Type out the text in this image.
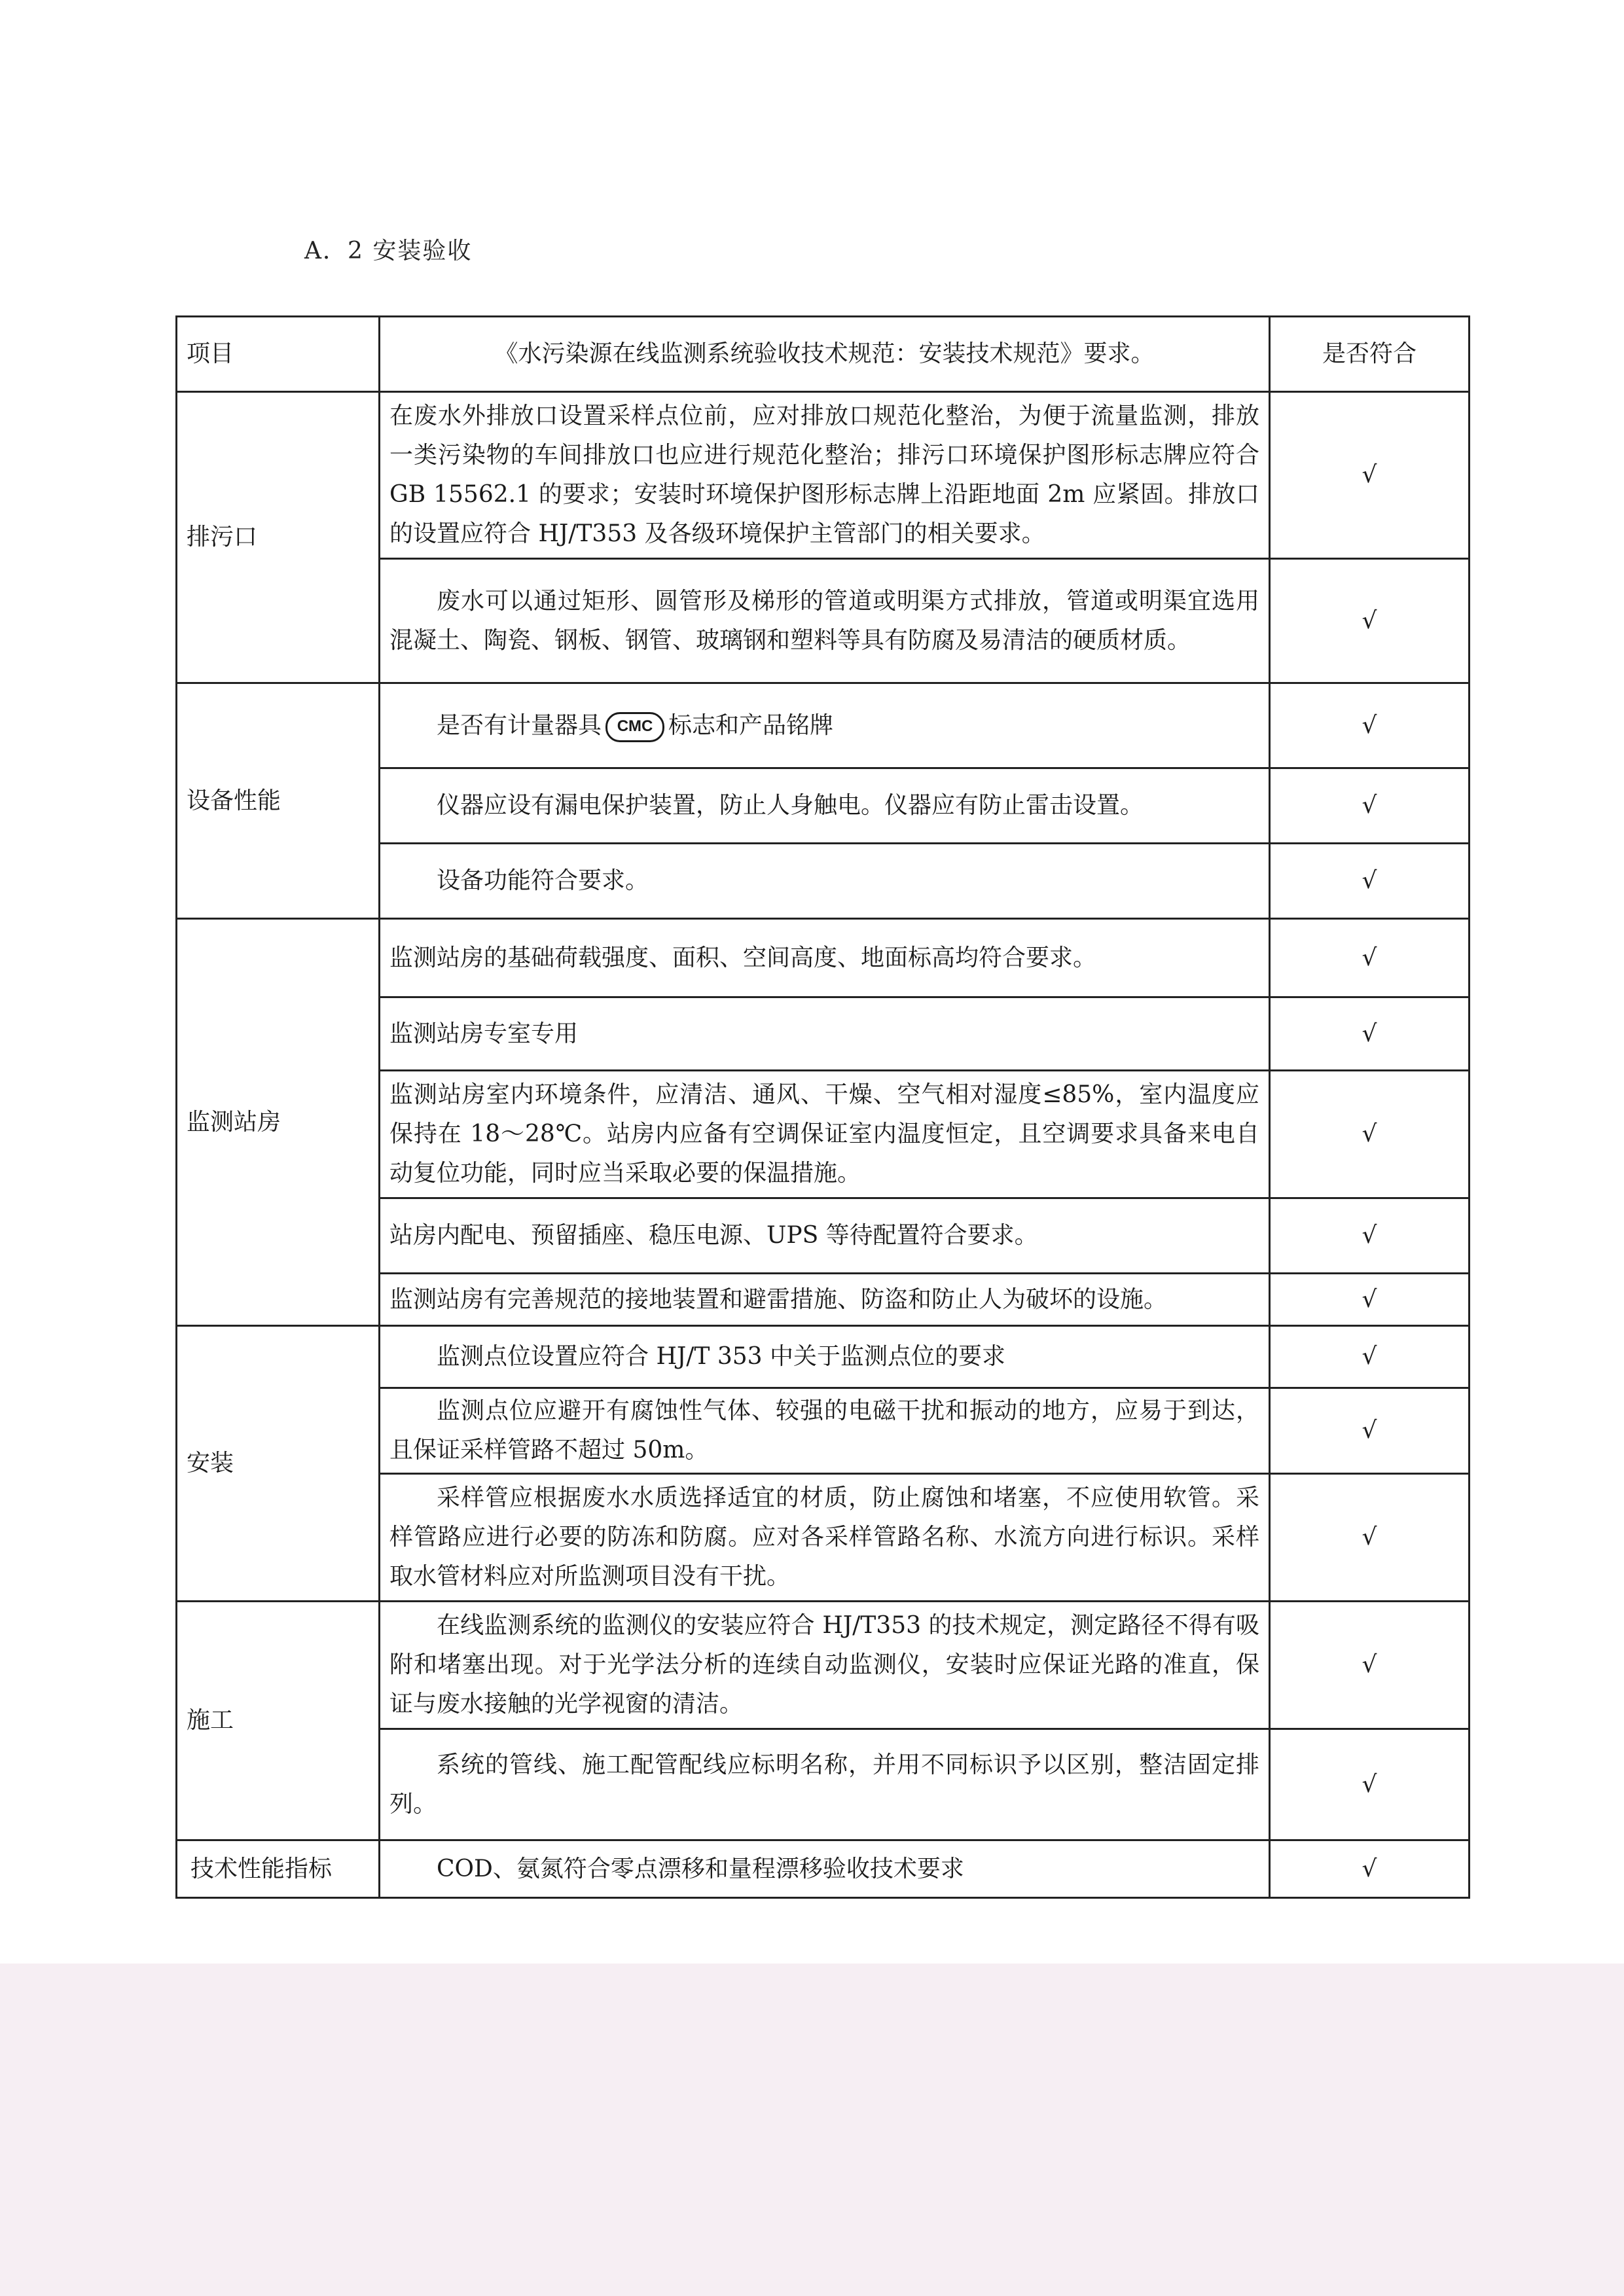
A．2 安装验收
项目	《水污染源在线监测系统验收技术规范：安装技术规范》要求。	是否符合
排污口	在废水外排放口设置采样点位前，应对排放口规范化整治，为便于流量监测，排放一类污染物的车间排放口也应进行规范化整治；排污口环境保护图形标志牌应符合 GB 15562.1 的要求；安装时环境保护图形标志牌上沿距地面 2m 应紧固。排放口的设置应符合 HJ/T353 及各级环境保护主管部门的相关要求。	√
	废水可以通过矩形、圆管形及梯形的管道或明渠方式排放，管道或明渠宜选用混凝土、陶瓷、钢板、钢管、玻璃钢和塑料等具有防腐及易清洁的硬质材质。	√
设备性能	是否有计量器具 CMC 标志和产品铭牌	√
	仪器应设有漏电保护装置，防止人身触电。仪器应有防止雷击设置。	√
	设备功能符合要求。	√
监测站房	监测站房的基础荷载强度、面积、空间高度、地面标高均符合要求。	√
	监测站房专室专用	√
	监测站房室内环境条件，应清洁、通风、干燥、空气相对湿度≤85%，室内温度应保持在 18～28℃。站房内应备有空调保证室内温度恒定，且空调要求具备来电自动复位功能，同时应当采取必要的保温措施。	√
	站房内配电、预留插座、稳压电源、UPS 等待配置符合要求。	√
	监测站房有完善规范的接地装置和避雷措施、防盗和防止人为破坏的设施。	√
安装	监测点位设置应符合 HJ/T 353 中关于监测点位的要求	√
	监测点位应避开有腐蚀性气体、较强的电磁干扰和振动的地方，应易于到达，且保证采样管路不超过 50m。	√
	采样管应根据废水水质选择适宜的材质，防止腐蚀和堵塞，不应使用软管。采样管路应进行必要的防冻和防腐。应对各采样管路名称、水流方向进行标识。采样取水管材料应对所监测项目没有干扰。	√
施工	在线监测系统的监测仪的安装应符合 HJ/T353 的技术规定，测定路径不得有吸附和堵塞出现。对于光学法分析的连续自动监测仪，安装时应保证光路的准直，保证与废水接触的光学视窗的清洁。	√
	系统的管线、施工配管配线应标明名称，并用不同标识予以区别，整洁固定排列。	√
技术性能指标	COD、氨氮符合零点漂移和量程漂移验收技术要求	√
